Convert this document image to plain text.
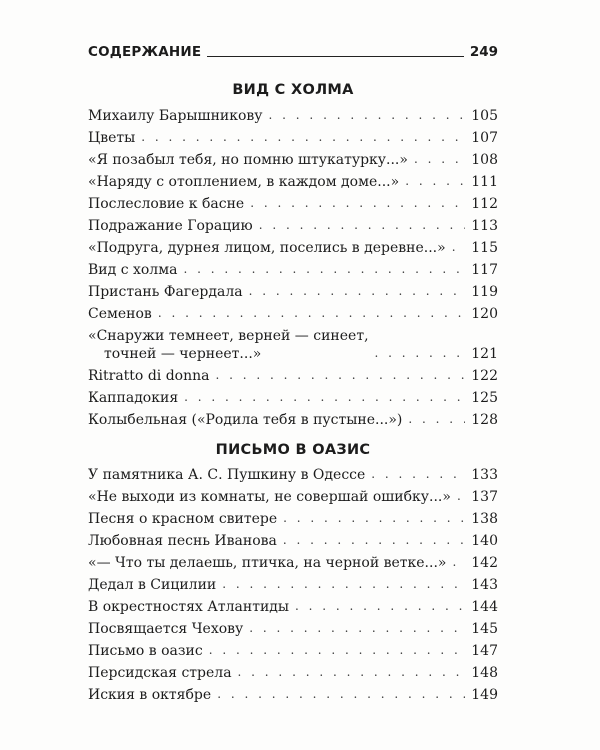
СОДЕРЖАНИЕ	249
ВИД С ХОЛМА
Михаилу Барышникову . . .	105
Цветы . . .	107
«Я позабыл тебя, но помню штукатурку...» . . .	108
«Наряду с отоплением, в каждом доме...» . . .	111
Послесловие к басне . . .	112
Подражание Горацию . . .	113
«Подруга, дурнея лицом, поселись в деревне...» . . . 115
Вид с холма . . .	117
Пристань Фагердала . . .	119
Семенов . . .	120
«Снаружи темнеет, верней — синеет,
точней — чернеет...» . . .	121
Ritratto di donna . . .	122
Каппадокия . . .	125
Колыбельная («Родила тебя в пустыне...») . . .	128
ПИСЬМО В ОАЗИС
У памятника А. С. Пушкину в Одессе . . .	133
«Не выходи из комнаты, не совершай ошибку...» . . . 137
Песня о красном свитере . . .	138
Любовная песнь Иванова . . .	140
«— Что ты делаешь, птичка, на черной ветке...» . . . 142
Дедал в Сицилии . . .	143
В окрестностях Атлантиды . . .	144
Посвящается Чехову . . .	145
Письмо в оазис . . .	147
Персидская стрела . . .	148
Иския в октябре . . .	149
